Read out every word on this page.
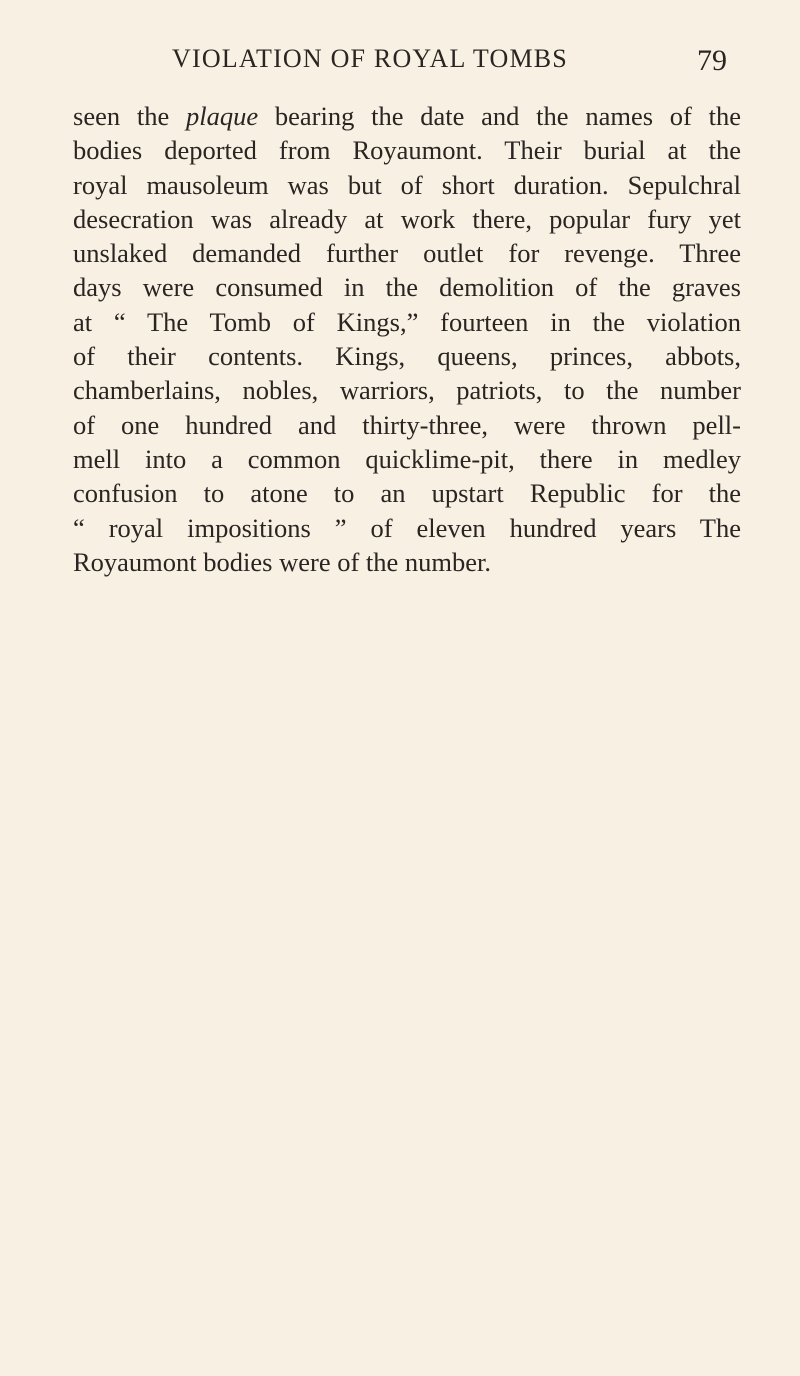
VIOLATION OF ROYAL TOMBS	79
seen the plaque bearing the date and the names of the
bodies deported from Royaumont. Their burial at the
royal mausoleum was but of short duration. Sepulchral
desecration was already at work there, popular fury yet
unslaked demanded further outlet for revenge. Three
days were consumed in the demolition of the graves
at “ The Tomb of Kings,” fourteen in the violation
of their contents. Kings, queens, princes, abbots,
chamberlains, nobles, warriors, patriots, to the number
of one hundred and thirty-three, were thrown pell-
mell into a common quicklime-pit, there in medley
confusion to atone to an upstart Republic for the
“ royal impositions ” of eleven hundred years The
Royaumont bodies were of the number.
